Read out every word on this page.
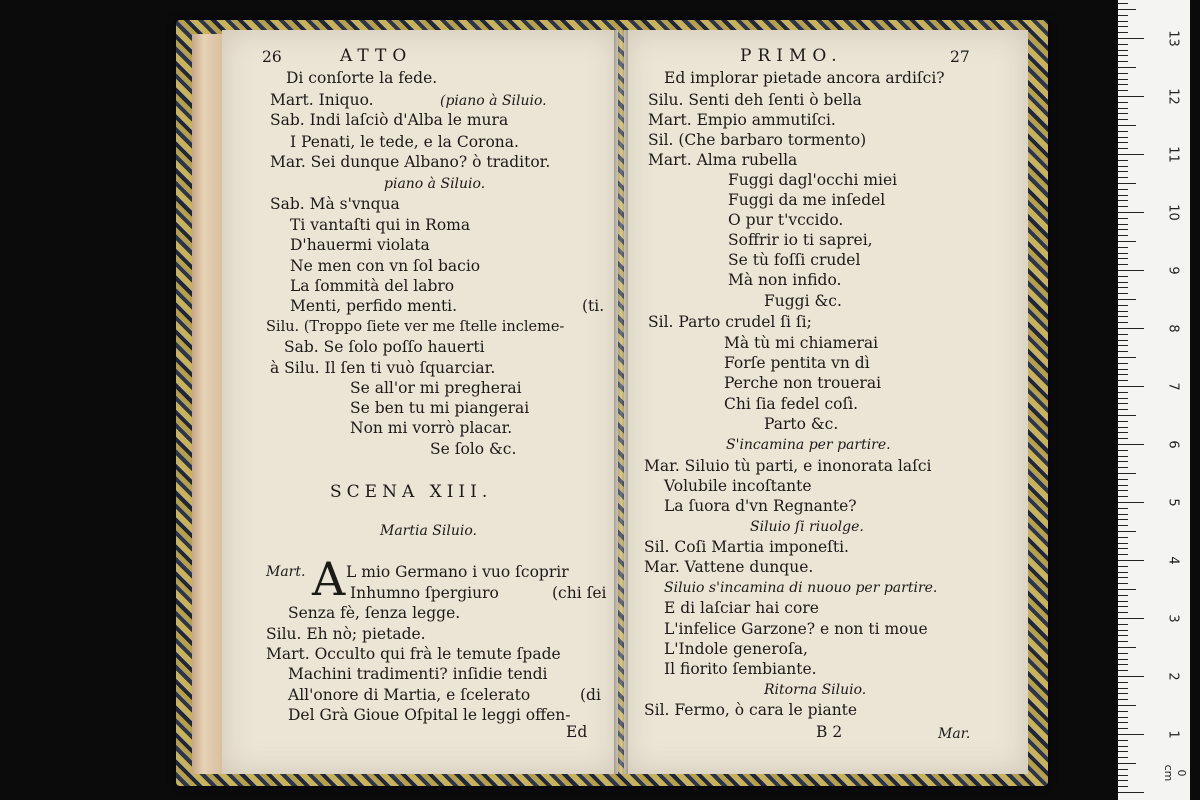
26	ATTO
Di conſorte la fede.
Mart. Iniquo.	(piano à Siluio.
Sab. Indi laſciò d'Alba le mura
I Penati, le tede, e la Corona.
Mar. Sei dunque Albano? ò traditor.
piano à Siluio.
Sab. Mà s'vnqua
Ti vantaſti qui in Roma
D'hauermi violata
Ne men con vn ſol bacio
La ſommità del labro
Menti, perfido menti.	(ti.
Silu. (Troppo ſiete ver me ſtelle incleme-
Sab. Se ſolo poſſo hauerti
à Silu. Il ſen ti vuò ſquarciar.
Se all'or mi pregherai
Se ben tu mi piangerai
Non mi vorrò placar.
Se ſolo &c.
SCENA XIII.
Martia Siluio.
Mart. A L mio Germano i vuo ſcoprir
Inhumno ſpergiuro	(chi ſei
Senza fè, ſenza legge.
Silu. Eh nò; pietade.
Mart. Occulto qui frà le temute ſpade
Machini tradimenti? inſidie tendi
All'onore di Martia, e ſcelerato	(di
Del Grà Gioue Oſpital le leggi offen-
Ed
PRIMO.	27
Ed implorar pietade ancora ardiſci?
Silu. Senti deh ſenti ò bella
Mart. Empio ammutiſci.
Sil. (Che barbaro tormento)
Mart. Alma rubella
Fuggi dagl'occhi miei
Fuggi da me inſedel
O pur t'vccido.
Soffrir io ti saprei,
Se tù foſſi crudel
Mà non infido.
Fuggi &c.
Sil. Parto crudel ſi ſi;
Mà tù mi chiamerai
Forſe pentita vn dì
Perche non trouerai
Chi ſia fedel coſì.
Parto &c.
S'incamina per partire.
Mar. Siluio tù parti, e inonorata laſci
Volubile incoſtante
La ſuora d'vn Regnante?
Siluio ſi riuolge.
Sil. Coſi Martia imponeſti.
Mar. Vattene dunque.
Siluio s'incamina di nuouo per partire.
E di laſciar hai core
L'infelice Garzone? e non ti moue
L'Indole generoſa,
Il fiorito ſembiante.
Ritorna Siluio.
Sil. Fermo, ò cara le piante
B 2	Mar.	1
2
3
4
5
6
7
8
9
10
11
12
13
0 cm
